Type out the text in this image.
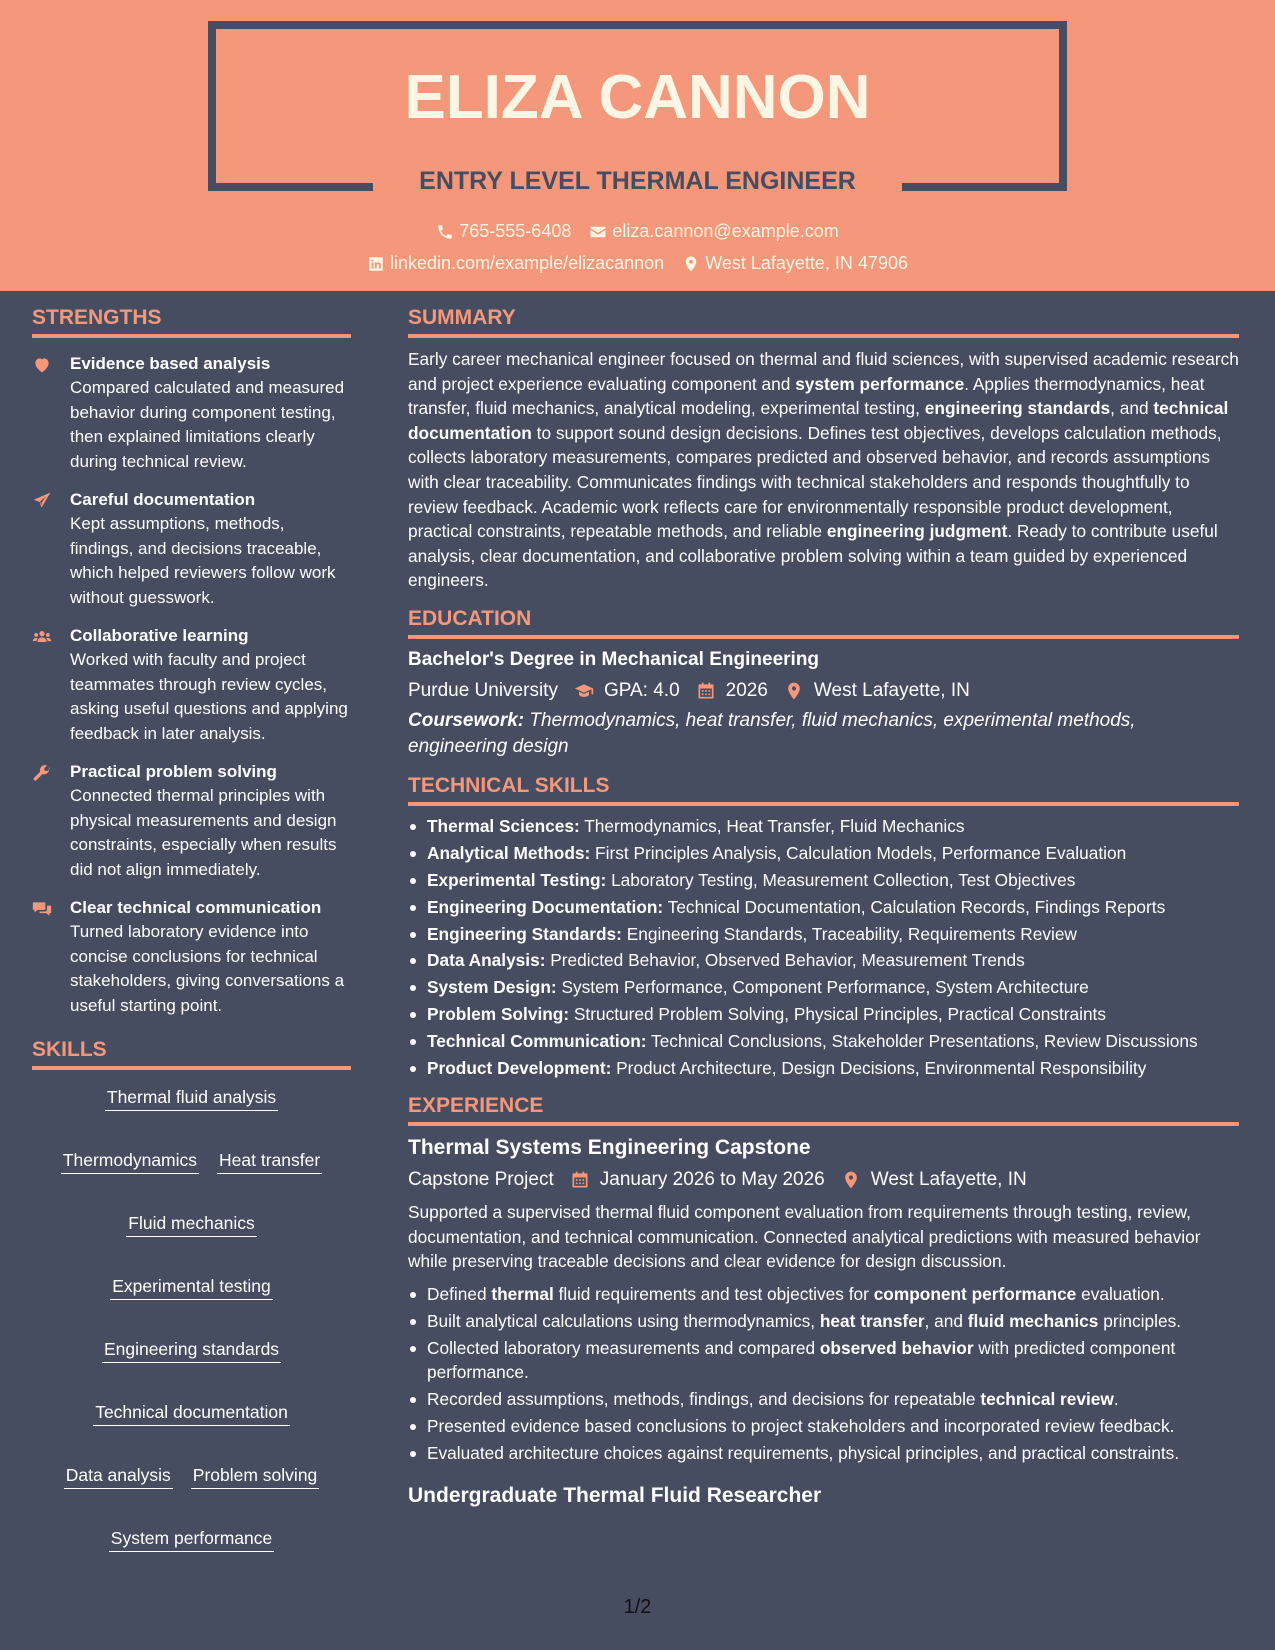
ELIZA CANNON
ENTRY LEVEL THERMAL ENGINEER
765-555-6408 eliza.cannon@example.com
linkedin.com/example/elizacannon West Lafayette, IN 47906
STRENGTHS
Evidence based analysis
Compared calculated and measured behavior during component testing, then explained limitations clearly during technical review.
Careful documentation
Kept assumptions, methods, findings, and decisions traceable, which helped reviewers follow work without guesswork.
Collaborative learning
Worked with faculty and project teammates through review cycles, asking useful questions and applying feedback in later analysis.
Practical problem solving
Connected thermal principles with physical measurements and design constraints, especially when results did not align immediately.
Clear technical communication
Turned laboratory evidence into concise conclusions for technical stakeholders, giving conversations a useful starting point.
SKILLS
Thermal fluid analysis
Thermodynamics Heat transfer
Fluid mechanics
Experimental testing
Engineering standards
Technical documentation
Data analysis Problem solving
System performance
SUMMARY
Early career mechanical engineer focused on thermal and fluid sciences, with supervised academic research and project experience evaluating component and system performance. Applies thermodynamics, heat transfer, fluid mechanics, analytical modeling, experimental testing, engineering standards, and technical documentation to support sound design decisions. Defines test objectives, develops calculation methods, collects laboratory measurements, compares predicted and observed behavior, and records assumptions with clear traceability. Communicates findings with technical stakeholders and responds thoughtfully to review feedback. Academic work reflects care for environmentally responsible product development, practical constraints, repeatable methods, and reliable engineering judgment. Ready to contribute useful analysis, clear documentation, and collaborative problem solving within a team guided by experienced engineers.
EDUCATION
Bachelor's Degree in Mechanical Engineering
Purdue University GPA: 4.0 2026 West Lafayette, IN
Coursework: Thermodynamics, heat transfer, fluid mechanics, experimental methods, engineering design
TECHNICAL SKILLS
Thermal Sciences: Thermodynamics, Heat Transfer, Fluid Mechanics
Analytical Methods: First Principles Analysis, Calculation Models, Performance Evaluation
Experimental Testing: Laboratory Testing, Measurement Collection, Test Objectives
Engineering Documentation: Technical Documentation, Calculation Records, Findings Reports
Engineering Standards: Engineering Standards, Traceability, Requirements Review
Data Analysis: Predicted Behavior, Observed Behavior, Measurement Trends
System Design: System Performance, Component Performance, System Architecture
Problem Solving: Structured Problem Solving, Physical Principles, Practical Constraints
Technical Communication: Technical Conclusions, Stakeholder Presentations, Review Discussions
Product Development: Product Architecture, Design Decisions, Environmental Responsibility
EXPERIENCE
Thermal Systems Engineering Capstone
Capstone Project January 2026 to May 2026 West Lafayette, IN
Supported a supervised thermal fluid component evaluation from requirements through testing, review, documentation, and technical communication. Connected analytical predictions with measured behavior while preserving traceable decisions and clear evidence for design discussion.
Defined thermal fluid requirements and test objectives for component performance evaluation.
Built analytical calculations using thermodynamics, heat transfer, and fluid mechanics principles.
Collected laboratory measurements and compared observed behavior with predicted component performance.
Recorded assumptions, methods, findings, and decisions for repeatable technical review.
Presented evidence based conclusions to project stakeholders and incorporated review feedback.
Evaluated architecture choices against requirements, physical principles, and practical constraints.
Undergraduate Thermal Fluid Researcher
1/2
